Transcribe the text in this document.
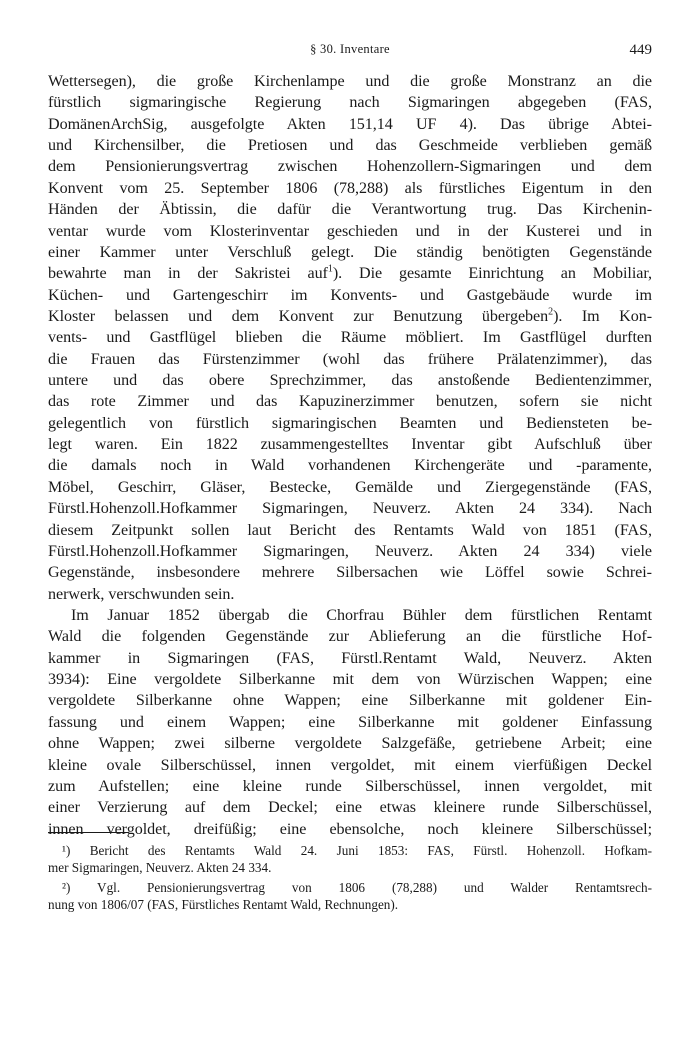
§ 30. Inventare	449
Wettersegen), die große Kirchenlampe und die große Monstranz an die
fürstlich sigmaringische Regierung nach Sigmaringen abgegeben (FAS,
DomänenArchSig, ausgefolgte Akten 151,14 UF 4). Das übrige Abtei-
und Kirchensilber, die Pretiosen und das Geschmeide verblieben gemäß
dem Pensionierungsvertrag zwischen Hohenzollern-Sigmaringen und dem
Konvent vom 25. September 1806 (78,288) als fürstliches Eigentum in den
Händen der Äbtissin, die dafür die Verantwortung trug. Das Kirchenin-
ventar wurde vom Klosterinventar geschieden und in der Kusterei und in
einer Kammer unter Verschluß gelegt. Die ständig benötigten Gegenstände
bewahrte man in der Sakristei auf$^1$). Die gesamte Einrichtung an Mobiliar,
Küchen- und Gartengeschirr im Konvents- und Gastgebäude wurde im
Kloster belassen und dem Konvent zur Benutzung übergeben$^2$). Im Kon-
vents- und Gastflügel blieben die Räume möbliert. Im Gastflügel durften
die Frauen das Fürstenzimmer (wohl das frühere Prälatenzimmer), das
untere und das obere Sprechzimmer, das anstoßende Bedientenzimmer,
das rote Zimmer und das Kapuzinerzimmer benutzen, sofern sie nicht
gelegentlich von fürstlich sigmaringischen Beamten und Bediensteten be-
legt waren. Ein 1822 zusammengestelltes Inventar gibt Aufschluß über
die damals noch in Wald vorhandenen Kirchengeräte und -paramente,
Möbel, Geschirr, Gläser, Bestecke, Gemälde und Ziergegenstände (FAS,
Fürstl.Hohenzoll.Hofkammer Sigmaringen, Neuverz. Akten 24 334). Nach
diesem Zeitpunkt sollen laut Bericht des Rentamts Wald von 1851 (FAS,
Fürstl.Hohenzoll.Hofkammer Sigmaringen, Neuverz. Akten 24 334) viele
Gegenstände, insbesondere mehrere Silbersachen wie Löffel sowie Schrei-
nerwerk, verschwunden sein.
Im Januar 1852 übergab die Chorfrau Bühler dem fürstlichen Rentamt
Wald die folgenden Gegenstände zur Ablieferung an die fürstliche Hof-
kammer in Sigmaringen (FAS, Fürstl.Rentamt Wald, Neuverz. Akten
3934): Eine vergoldete Silberkanne mit dem von Würzischen Wappen; eine
vergoldete Silberkanne ohne Wappen; eine Silberkanne mit goldener Ein-
fassung und einem Wappen; eine Silberkanne mit goldener Einfassung
ohne Wappen; zwei silberne vergoldete Salzgefäße, getriebene Arbeit; eine
kleine ovale Silberschüssel, innen vergoldet, mit einem vierfüßigen Deckel
zum Aufstellen; eine kleine runde Silberschüssel, innen vergoldet, mit
einer Verzierung auf dem Deckel; eine etwas kleinere runde Silberschüssel,
innen vergoldet, dreifüßig; eine ebensolche, noch kleinere Silberschüssel;
¹) Bericht des Rentamts Wald 24. Juni 1853: FAS, Fürstl. Hohenzoll. Hofkam-
mer Sigmaringen, Neuverz. Akten 24 334.
²) Vgl. Pensionierungsvertrag von 1806 (78,288) und Walder Rentamtsrech-
nung von 1806/07 (FAS, Fürstliches Rentamt Wald, Rechnungen).
